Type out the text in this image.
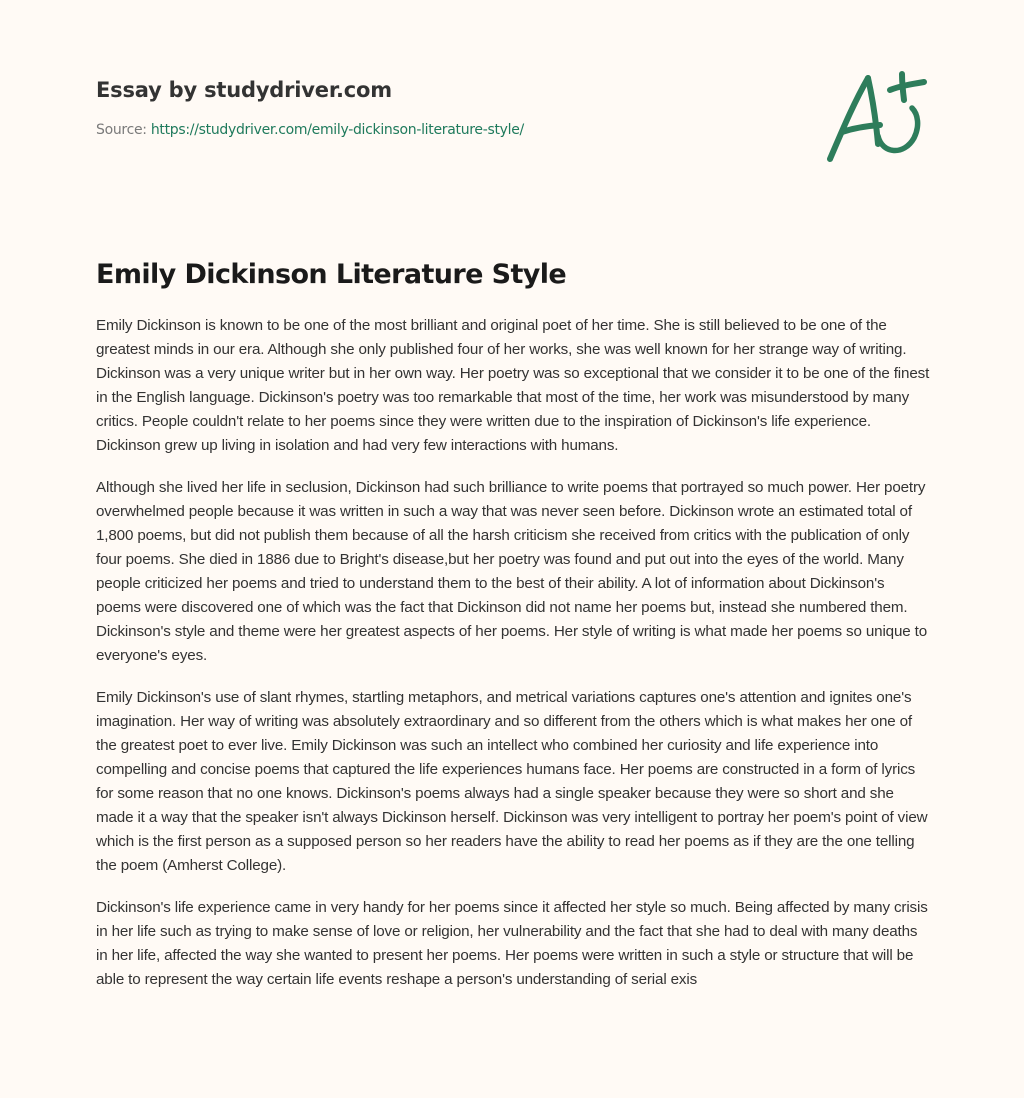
Essay by studydriver.com
Source: https://studydriver.com/emily-dickinson-literature-style/
Emily Dickinson Literature Style

Emily Dickinson is known to be one of the most brilliant and original poet of her time. She is still believed to be one of the greatest minds in our era. Although she only published four of her works, she was well known for her strange way of writing. Dickinson was a very unique writer but in her own way. Her poetry was so exceptional that we consider it to be one of the finest in the English language. Dickinson's poetry was too remarkable that most of the time, her work was misunderstood by many critics. People couldn't relate to her poems since they were written due to the inspiration of Dickinson's life experience. Dickinson grew up living in isolation and had very few interactions with humans.

Although she lived her life in seclusion, Dickinson had such brilliance to write poems that portrayed so much power. Her poetry overwhelmed people because it was written in such a way that was never seen before. Dickinson wrote an estimated total of 1,800 poems, but did not publish them because of all the harsh criticism she received from critics with the publication of only four poems. She died in 1886 due to Bright's disease,but her poetry was found and put out into the eyes of the world. Many people criticized her poems and tried to understand them to the best of their ability. A lot of information about Dickinson's poems were discovered one of which was the fact that Dickinson did not name her poems but, instead she numbered them. Dickinson's style and theme were her greatest aspects of her poems. Her style of writing is what made her poems so unique to everyone's eyes.

Emily Dickinson's use of slant rhymes, startling metaphors, and metrical variations captures one's attention and ignites one's imagination. Her way of writing was absolutely extraordinary and so different from the others which is what makes her one of the greatest poet to ever live. Emily Dickinson was such an intellect who combined her curiosity and life experience into compelling and concise poems that captured the life experiences humans face. Her poems are constructed in a form of lyrics for some reason that no one knows. Dickinson's poems always had a single speaker because they were so short and she made it a way that the speaker isn't always Dickinson herself. Dickinson was very intelligent to portray her poem's point of view which is the first person as a supposed person so her readers have the ability to read her poems as if they are the one telling the poem (Amherst College).

Dickinson's life experience came in very handy for her poems since it affected her style so much. Being affected by many crisis in her life such as trying to make sense of love or religion, her vulnerability and the fact that she had to deal with many deaths in her life, affected the way she wanted to present her poems. Her poems were written in such a style or structure that will be able to represent the way certain life events reshape a person's understanding of serial exis
